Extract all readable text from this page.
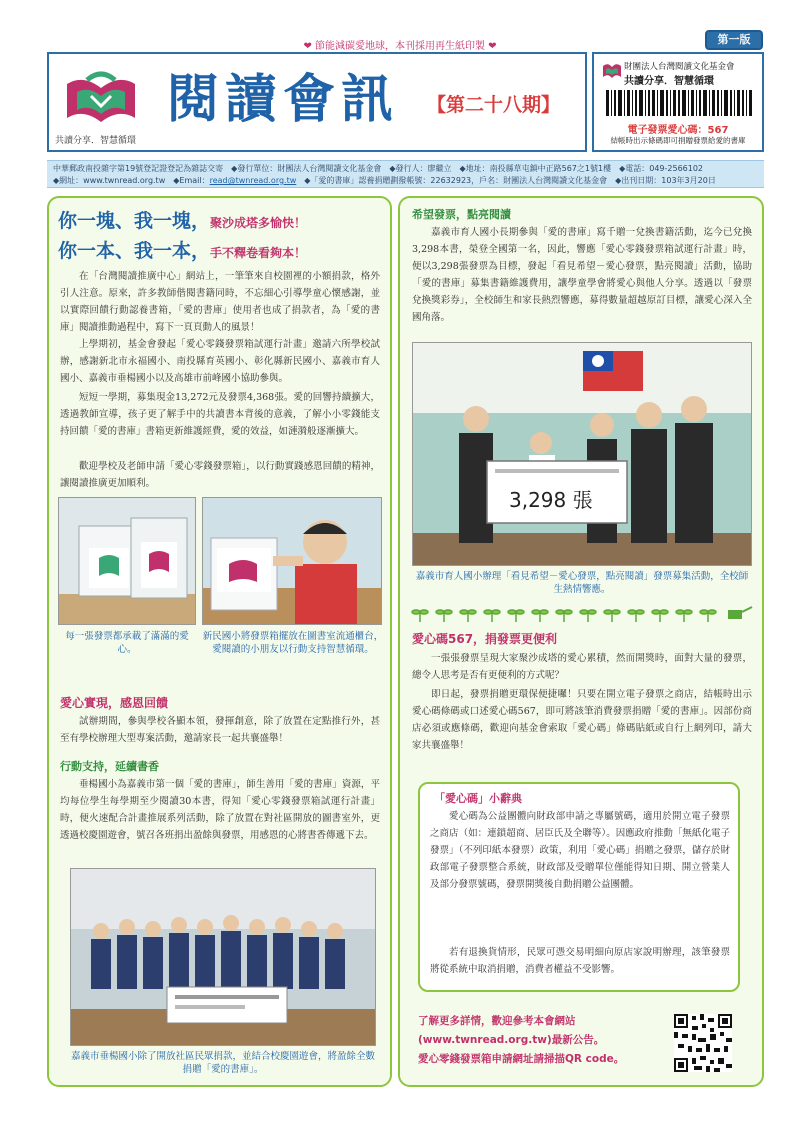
❤ 節能減碳愛地球，本刊採用再生紙印製 ❤
第一版
共讀分享．智慧循環
閱讀會訊 【第二十八期】
財團法人台灣閱讀文化基金會
共讀分享．智慧循環
電子發票愛心碼：567
結帳時出示條碼即可捐贈發票給愛的書庫
中華郵政南投雜字第19號登記證登記為雜誌交寄　◆發行單位：財團法人台灣閱讀文化基金會　◆發行人：廖繼立　◆地址：南投縣草屯鎮中正路567之1號1樓　◆電話：049-2566102
◆網址：www.twnread.org.tw　◆Email：read@twnread.org.tw　◆「愛的書庫」認養捐贈劃撥帳號：22632923，戶名：財團法人台灣閱讀文化基金會　◆出刊日期：103年3月20日
你一塊、我一塊，聚沙成塔多愉快！
你一本、我一本，手不釋卷看夠本！
在「台灣閱讀推廣中心」網站上，一筆筆來自校園裡的小額捐款，格外引人注意。原來，許多教師偕閱書籍同時，不忘細心引導學童心懷感謝，並以實際回饋行動認養書箱，「愛的書庫」使用者也成了捐款者，為「愛的書庫」閱讀推動過程中，寫下一頁頁動人的風景！
上學期初，基金會發起「愛心零錢發票箱試運行計畫」邀請六所學校試辦，感謝新北市永福國小、南投縣育英國小、彰化縣新民國小、嘉義市育人國小、嘉義市垂楊國小以及高雄市前峰國小協助參與。
短短一學期，募集現金13,272元及發票4,368張。愛的回響持續擴大，透過教師宣導，孩子更了解手中的共讀書本背後的意義，了解小小零錢能支持回饋「愛的書庫」書箱更新維護經費，愛的效益，如漣漪般逐漸擴大。
歡迎學校及老師申請「愛心零錢發票箱」，以行動實踐感恩回饋的精神，讓閱讀推廣更加順利。
每一張發票都承載了滿滿的愛心。
新民國小將發票箱擺放在圖書室流通櫃台，愛閱讀的小朋友以行動支持智慧循環。
愛心實現，感恩回饋
試辦期間，參與學校各顯本領，發揮創意，除了放置在定點推行外，甚至有學校辦理大型專案活動，邀請家長一起共襄盛舉！
行動支持，延續書香
垂楊國小為嘉義市第一個「愛的書庫」，師生善用「愛的書庫」資源，平均每位學生每學期至少閱讀30本書，得知「愛心零錢發票箱試運行計畫」時，便火速配合計畫推展系列活動，除了放置在對社區開放的圖書室外，更透過校慶園遊會，號召各班捐出盈餘與發票，用感恩的心將書香傳遞下去。
嘉義市垂楊國小除了開放社區民眾捐款，並結合校慶園遊會，將盈餘全數捐贈「愛的書庫」。
希望發票，點亮閱讀
嘉義市育人國小長期參與「愛的書庫」寫千贈一兌換書籍活動，迄今已兌換3,298本書，榮登全國第一名，因此，響應「愛心零錢發票箱試運行計畫」時，便以3,298張發票為目標，發起「看見希望－愛心發票，點亮閱讀」活動，協助「愛的書庫」募集書籍維護費用，讓學童學會將愛心與他人分享。透過以「發票兌換獎彩券」，全校師生和家長熱烈響應，募得數量超越原訂目標，讓愛心深入全國角落。
3,298 張
嘉義市育人國小辦理「看見希望－愛心發票，點亮閱讀」發票募集活動，全校師生熱情響應。
愛心碼567，捐發票更便利
一張張發票呈現大家聚沙成塔的愛心累積，然而開獎時，面對大量的發票，總令人思考是否有更便利的方式呢？
即日起，發票捐贈更環保便捷囉！只要在開立電子發票之商店，結帳時出示愛心碼條碼或口述愛心碼567，即可將該筆消費發票捐贈「愛的書庫」。因部份商店必須或應條碼，歡迎向基金會索取「愛心碼」條碼貼紙或自行上網列印，請大家共襄盛舉！
「愛心碼」小辭典
愛心碼為公益團體向財政部申請之專屬號碼，適用於開立電子發票之商店（如：連鎖超商、居臣氏及全聯等）。因應政府推動「無紙化電子發票」（不列印紙本發票）政策，利用「愛心碼」捐贈之發票，儲存於財政部電子發票整合系統，財政部及受贈單位僅能得知日期、開立營業人及部分發票號碼，發票開獎後自動捐贈公益團體。
若有退換貨情形，民眾可憑交易明細向原店家說明辦理，該筆發票將從系統中取消捐贈，消費者權益不受影響。
了解更多詳情，歡迎參考本會網站
(www.twnread.org.tw)最新公告。
愛心零錢發票箱申請網址請掃描QR code。
